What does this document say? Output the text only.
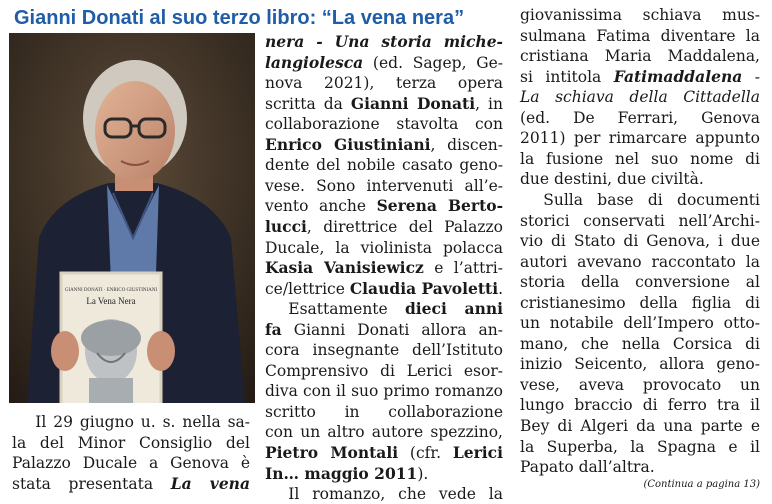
Gianni Donati al suo terzo libro: “La vena nera”
GIANNI DONATI · ENRICO GIUSTINIANI
La Vena Nera
  Il 29 giugno u. s. nella sa-
la del Minor Consiglio del
Palazzo Ducale a Genova è
stata presentata La vena
nera - Una storia miche-
langiolesca (ed. Sagep, Ge-
nova 2021), terza opera
scritta da Gianni Donati, in
collaborazione stavolta con
Enrico Giustiniani, discen-
dente del nobile casato geno-
vese. Sono intervenuti all’e-
vento anche Serena Berto-
lucci, direttrice del Palazzo
Ducale, la violinista polacca
Kasia Vanisiewicz e l’attri-
ce/lettrice Claudia Pavoletti.
  Esattamente dieci anni
fa Gianni Donati allora an-
cora insegnante dell’Istituto
Comprensivo di Lerici esor-
diva con il suo primo romanzo
scritto in collaborazione
con un altro autore spezzino,
Pietro Montali (cfr. Lerici
In… maggio 2011).
  Il romanzo, che vede la
giovanissima schiava mus-
sulmana Fatima diventare la
cristiana Maria Maddalena,
si intitola Fatimaddalena -
La schiava della Cittadella
(ed. De Ferrari, Genova
2011) per rimarcare appunto
la fusione nel suo nome di
due destini, due civiltà.
  Sulla base di documenti
storici conservati nell’Archi-
vio di Stato di Genova, i due
autori avevano raccontato la
storia della conversione al
cristianesimo della figlia di
un notabile dell’Impero otto-
mano, che nella Corsica di
inizio Seicento, allora geno-
vese, aveva provocato un
lungo braccio di ferro tra il
Bey di Algeri da una parte e
la Superba, la Spagna e il
Papato dall’altra.

(Continua a pagina 13)
